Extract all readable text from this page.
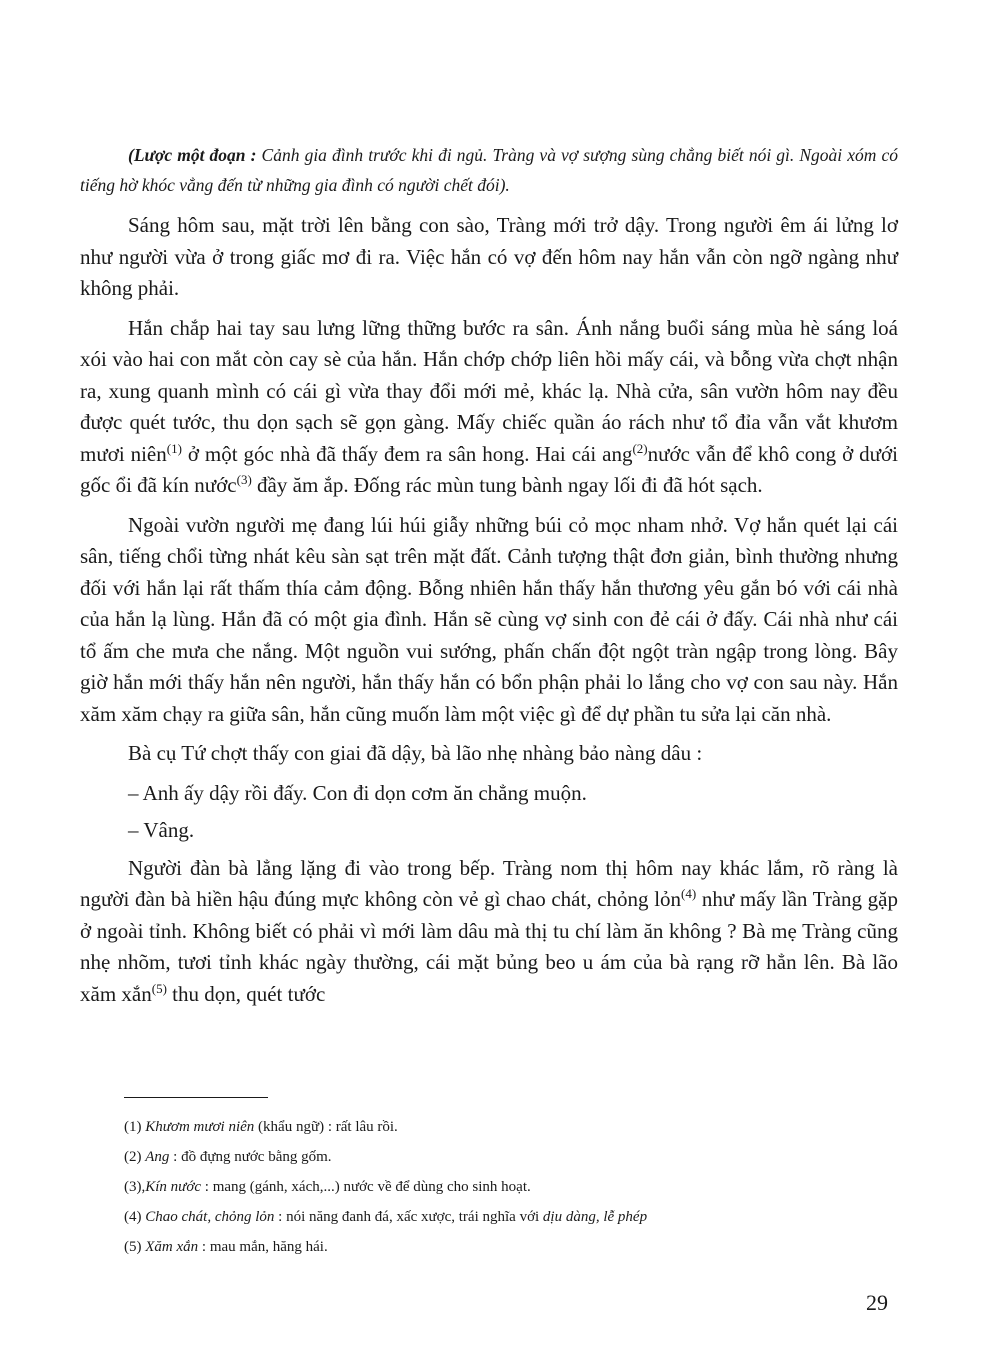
(Lược một đoạn : Cảnh gia đình trước khi đi ngủ. Tràng và vợ sượng sùng chẳng biết nói gì. Ngoài xóm có tiếng hờ khóc vẳng đến từ những gia đình có người chết đói).

Sáng hôm sau, mặt trời lên bằng con sào, Tràng mới trở dậy. Trong người êm ái lửng lơ như người vừa ở trong giấc mơ đi ra. Việc hắn có vợ đến hôm nay hắn vẫn còn ngỡ ngàng như không phải.

Hắn chắp hai tay sau lưng lững thững bước ra sân. Ánh nắng buổi sáng mùa hè sáng loá xói vào hai con mắt còn cay sè của hắn. Hắn chớp chớp liên hồi mấy cái, và bỗng vừa chợt nhận ra, xung quanh mình có cái gì vừa thay đổi mới mẻ, khác lạ. Nhà cửa, sân vườn hôm nay đều được quét tước, thu dọn sạch sẽ gọn gàng. Mấy chiếc quần áo rách như tổ đỉa vẫn vắt khươm mươi niên$^{(1)}$ ở một góc nhà đã thấy đem ra sân hong. Hai cái ang$^{(2)}$nước vẫn để khô cong ở dưới gốc ổi đã kín nước$^{(3)}$ đầy ăm ắp. Đống rác mùn tung bành ngay lối đi đã hót sạch.

Ngoài vườn người mẹ đang lúi húi giẫy những búi cỏ mọc nham nhở. Vợ hắn quét lại cái sân, tiếng chổi từng nhát kêu sàn sạt trên mặt đất. Cảnh tượng thật đơn giản, bình thường nhưng đối với hắn lại rất thấm thía cảm động. Bỗng nhiên hắn thấy hắn thương yêu gắn bó với cái nhà của hắn lạ lùng. Hắn đã có một gia đình. Hắn sẽ cùng vợ sinh con đẻ cái ở đấy. Cái nhà như cái tổ ấm che mưa che nắng. Một nguồn vui sướng, phấn chấn đột ngột tràn ngập trong lòng. Bây giờ hắn mới thấy hắn nên người, hắn thấy hắn có bổn phận phải lo lắng cho vợ con sau này. Hắn xăm xăm chạy ra giữa sân, hắn cũng muốn làm một việc gì để dự phần tu sửa lại căn nhà.

Bà cụ Tứ chợt thấy con giai đã dậy, bà lão nhẹ nhàng bảo nàng dâu :

– Anh ấy dậy rồi đấy. Con đi dọn cơm ăn chẳng muộn.

– Vâng.

Người đàn bà lẳng lặng đi vào trong bếp. Tràng nom thị hôm nay khác lắm, rõ ràng là người đàn bà hiền hậu đúng mực không còn vẻ gì chao chát, chỏng lỏn$^{(4)}$ như mấy lần Tràng gặp ở ngoài tỉnh. Không biết có phải vì mới làm dâu mà thị tu chí làm ăn không ? Bà mẹ Tràng cũng nhẹ nhõm, tươi tỉnh khác ngày thường, cái mặt bủng beo u ám của bà rạng rỡ hẳn lên. Bà lão xăm xắn$^{(5)}$ thu dọn, quét tước

(1) Khươm mươi niên (khẩu ngữ) : rất lâu rồi.

(2) Ang : đồ đựng nước bằng gốm.

(3),Kín nước : mang (gánh, xách,...) nước về để dùng cho sinh hoạt.

(4) Chao chát, chỏng lỏn : nói năng đanh đá, xấc xược, trái nghĩa với dịu dàng, lễ phép

(5) Xăm xắn : mau mắn, hăng hái.

29
